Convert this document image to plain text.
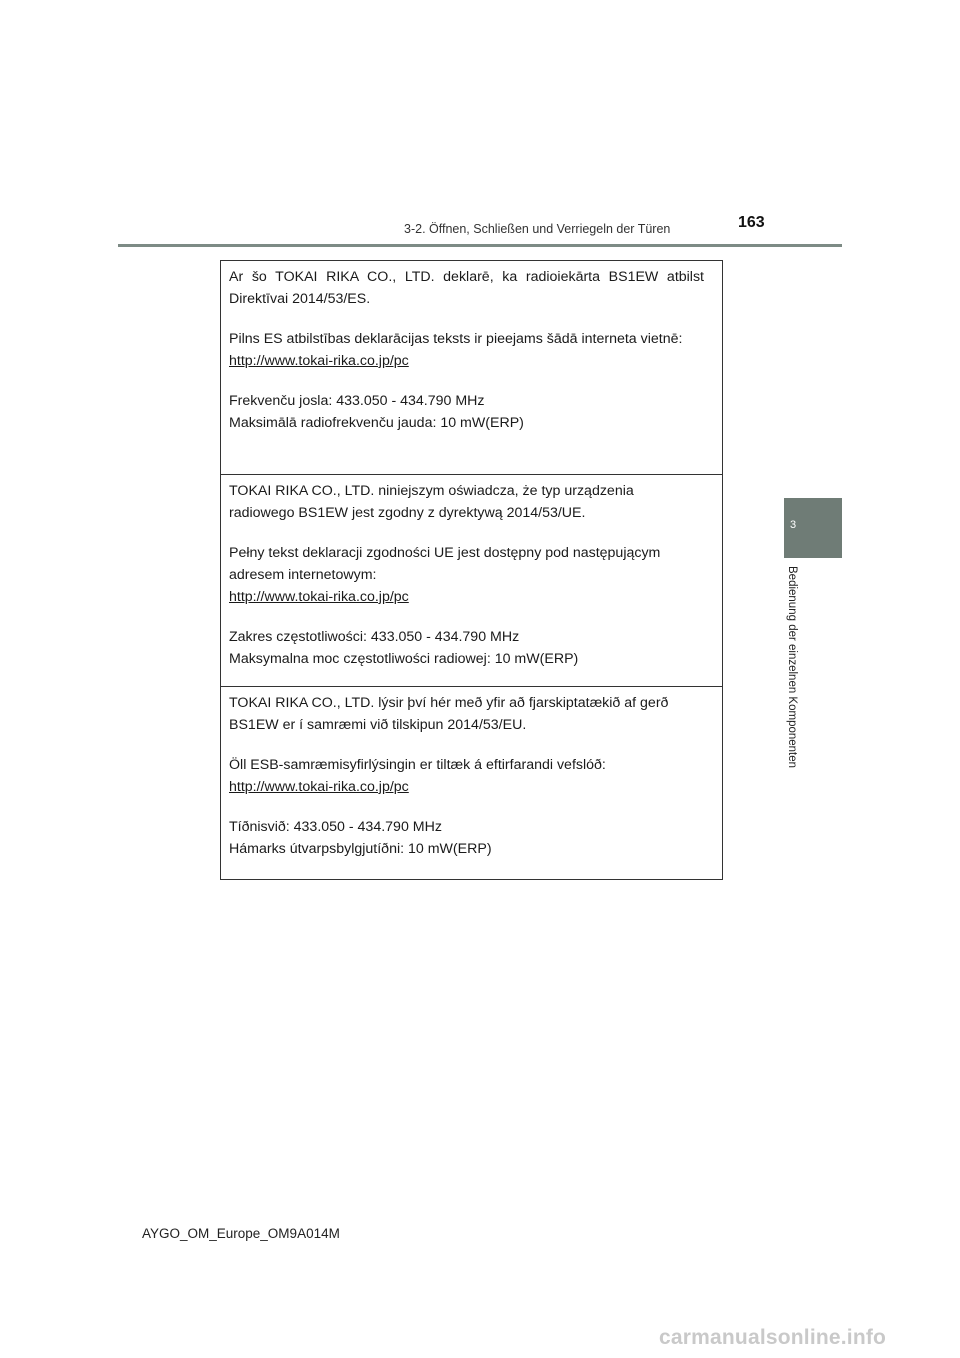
3-2. Öffnen, Schließen und Verriegeln der Türen	163
3
Bedienung der einzelnen Komponenten

Ar šo TOKAI RIKA CO., LTD. deklarē, ka radioiekārta BS1EW atbilst Direktīvai 2014/53/ES.

Pilns ES atbilstības deklarācijas teksts ir pieejams šādā interneta vietnē:
http://www.tokai-rika.co.jp/pc

Frekvenču josla: 433.050 - 434.790 MHz
Maksimālā radiofrekvenču jauda: 10 mW(ERP)

TOKAI RIKA CO., LTD. niniejszym oświadcza, że typ urządzenia
radiowego BS1EW jest zgodny z dyrektywą 2014/53/UE.

Pełny tekst deklaracji zgodności UE jest dostępny pod następującym
adresem internetowym:
http://www.tokai-rika.co.jp/pc

Zakres częstotliwości: 433.050 - 434.790 MHz
Maksymalna moc częstotliwości radiowej: 10 mW(ERP)

TOKAI RIKA CO., LTD. lýsir því hér með yfir að fjarskiptatækið af gerð
BS1EW er í samræmi við tilskipun 2014/53/EU.

Öll ESB-samræmisyfirlýsingin er tiltæk á eftirfarandi vefslóð:
http://www.tokai-rika.co.jp/pc

Tíðnisvið: 433.050 - 434.790 MHz
Hámarks útvarpsbylgjutíðni: 10 mW(ERP)

AYGO_OM_Europe_OM9A014M
carmanualsonline.info
